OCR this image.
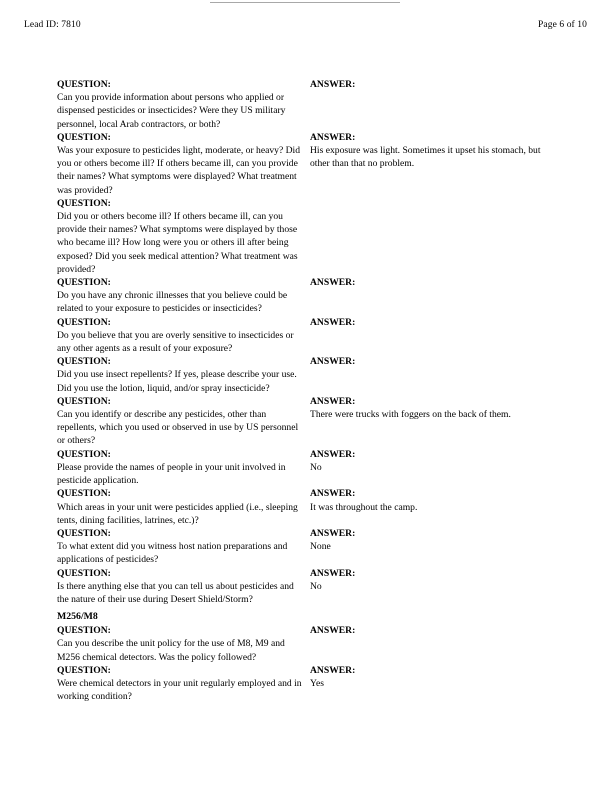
Lead ID: 7810	Page 6 of 10
QUESTION:	ANSWER:
Can you provide information about persons who applied or dispensed pesticides or insecticides? Were they US military personnel, local Arab contractors, or both?
QUESTION:	ANSWER:
Was your exposure to pesticides light, moderate, or heavy? Did you or others become ill? If others became ill, can you provide their names? What symptoms were displayed? What treatment was provided?
His exposure was light. Sometimes it upset his stomach, but other than that no problem.
QUESTION:
Did you or others become ill? If others became ill, can you provide their names? What symptoms were displayed by those who became ill? How long were you or others ill after being exposed? Did you seek medical attention? What treatment was provided?
QUESTION:	ANSWER:
Do you have any chronic illnesses that you believe could be related to your exposure to pesticides or insecticides?
QUESTION:	ANSWER:
Do you believe that you are overly sensitive to insecticides or any other agents as a result of your exposure?
QUESTION:	ANSWER:
Did you use insect repellents? If yes, please describe your use. Did you use the lotion, liquid, and/or spray insecticide?
QUESTION:	ANSWER:
Can you identify or describe any pesticides, other than repellents, which you used or observed in use by US personnel or others?
There were trucks with foggers on the back of them.
QUESTION:	ANSWER:
Please provide the names of people in your unit involved in pesticide application.
No
QUESTION:	ANSWER:
Which areas in your unit were pesticides applied (i.e., sleeping tents, dining facilities, latrines, etc.)?
It was throughout the camp.
QUESTION:	ANSWER:
To what extent did you witness host nation preparations and applications of pesticides?
None
QUESTION:	ANSWER:
Is there anything else that you can tell us about pesticides and the nature of their use during Desert Shield/Storm?
No
M256/M8
QUESTION:	ANSWER:
Can you describe the unit policy for the use of M8, M9 and M256 chemical detectors. Was the policy followed?
QUESTION:	ANSWER:
Were chemical detectors in your unit regularly employed and in working condition?
Yes
